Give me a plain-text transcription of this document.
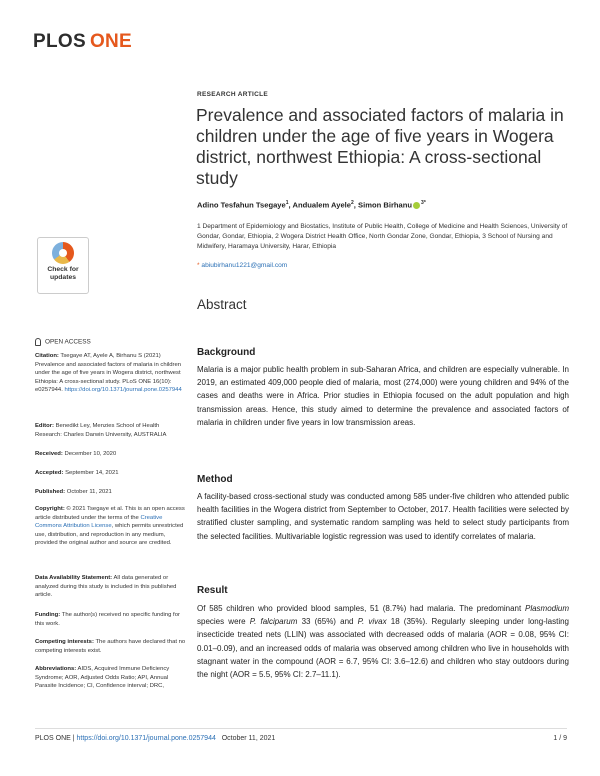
PLOS ONE
RESEARCH ARTICLE
Prevalence and associated factors of malaria in children under the age of five years in Wogera district, northwest Ethiopia: A cross-sectional study
Adino Tesfahun Tsegaye$^1$, Andualem Ayele$^2$, Simon Birhanu $^{3*}$
1 Department of Epidemiology and Biostatics, Institute of Public Health, College of Medicine and Health Sciences, University of Gondar, Gondar, Ethiopia, 2 Wogera District Health Office, North Gondar Zone, Gondar, Ethiopia, 3 School of Nursing and Midwifery, Haramaya University, Harar, Ethiopia
* abiubirhanu1221@gmail.com
Check for
updates
Abstract
Background

Malaria is a major public health problem in sub-Saharan Africa, and children are especially vulnerable. In 2019, an estimated 409,000 people died of malaria, most (274,000) were young children and 94% of the cases and deaths were in Africa. Prior studies in Ethiopia focused on the adult population and high transmission areas. Hence, this study aimed to determine the prevalence and associated factors of malaria in children under five years in low transmission areas.

Method

A facility-based cross-sectional study was conducted among 585 under-five children who attended public health facilities in the Wogera district from September to October, 2017. Health facilities were selected by stratified cluster sampling, and systematic random sampling was held to select study participants from the selected facilities. Multivariable logistic regression was used to identify correlates of malaria.

Result

Of 585 children who provided blood samples, 51 (8.7%) had malaria. The predominant Plasmodium species were P. falciparum 33 (65%) and P. vivax 18 (35%). Regularly sleeping under long-lasting insecticide treated nets (LLIN) was associated with decreased odds of malaria (AOR = 0.08, 95% CI: 0.01–0.09), and an increased odds of malaria was observed among children who live in households with stagnant water in the compound (AOR = 6.7, 95% CI: 3.6–12.6) and children who stay outdoors during the night (AOR = 5.5, 95% CI: 2.7–11.1).

OPEN ACCESS
Citation: Tsegaye AT, Ayele A, Birhanu S (2021) Prevalence and associated factors of malaria in children under the age of five years in Wogera district, northwest Ethiopia: A cross-sectional study. PLoS ONE 16(10): e0257944. https://doi.org/10.1371/journal.pone.0257944
Editor: Benedikt Ley, Menzies School of Health Research: Charles Darwin University, AUSTRALIA
Received: December 10, 2020
Accepted: September 14, 2021
Published: October 11, 2021
Copyright: © 2021 Tsegaye et al. This is an open access article distributed under the terms of the Creative Commons Attribution License, which permits unrestricted use, distribution, and reproduction in any medium, provided the original author and source are credited.
Data Availability Statement: All data generated or analyzed during this study is included in this published article.
Funding: The author(s) received no specific funding for this work.
Competing interests: The authors have declared that no competing interests exist.
Abbreviations: AIDS, Acquired Immune Deficiency Syndrome; AOR, Adjusted Odds Ratio; API, Annual Parasite Incidence; CI, Confidence interval; DRC,
PLOS ONE | https://doi.org/10.1371/journal.pone.0257944 October 11, 2021	1 / 9
